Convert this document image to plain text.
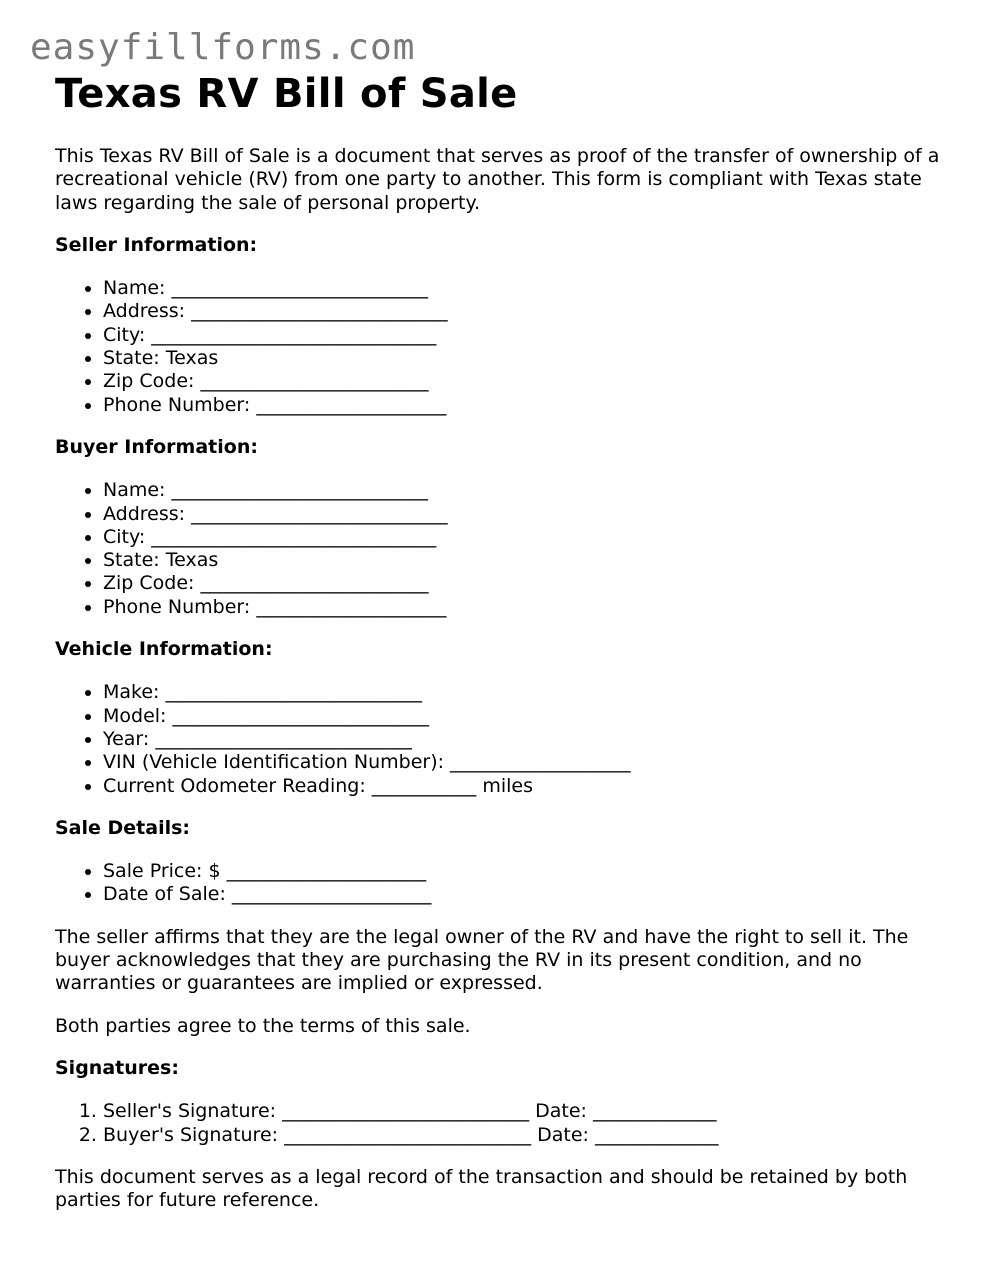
easyfillforms.com
Texas RV Bill of Sale

This Texas RV Bill of Sale is a document that serves as proof of the transfer of ownership of a recreational vehicle (RV) from one party to another. This form is compliant with Texas state laws regarding the sale of personal property.

Seller Information:
• Name: ___________________________
• Address: ___________________________
• City: ______________________________
• State: Texas
• Zip Code: ________________________
• Phone Number: ____________________
Buyer Information:
• Name: ___________________________
• Address: ___________________________
• City: ______________________________
• State: Texas
• Zip Code: ________________________
• Phone Number: ____________________
Vehicle Information:
• Make: ___________________________
• Model: ___________________________
• Year: ___________________________
• VIN (Vehicle Identification Number): ___________________
• Current Odometer Reading: ___________ miles
Sale Details:
• Sale Price: $ _____________________
• Date of Sale: _____________________

The seller affirms that they are the legal owner of the RV and have the right to sell it. The buyer acknowledges that they are purchasing the RV in its present condition, and no warranties or guarantees are implied or expressed.

Both parties agree to the terms of this sale.

Signatures:
1. Seller's Signature: __________________________ Date: _____________
2. Buyer's Signature: __________________________ Date: _____________

This document serves as a legal record of the transaction and should be retained by both parties for future reference.
